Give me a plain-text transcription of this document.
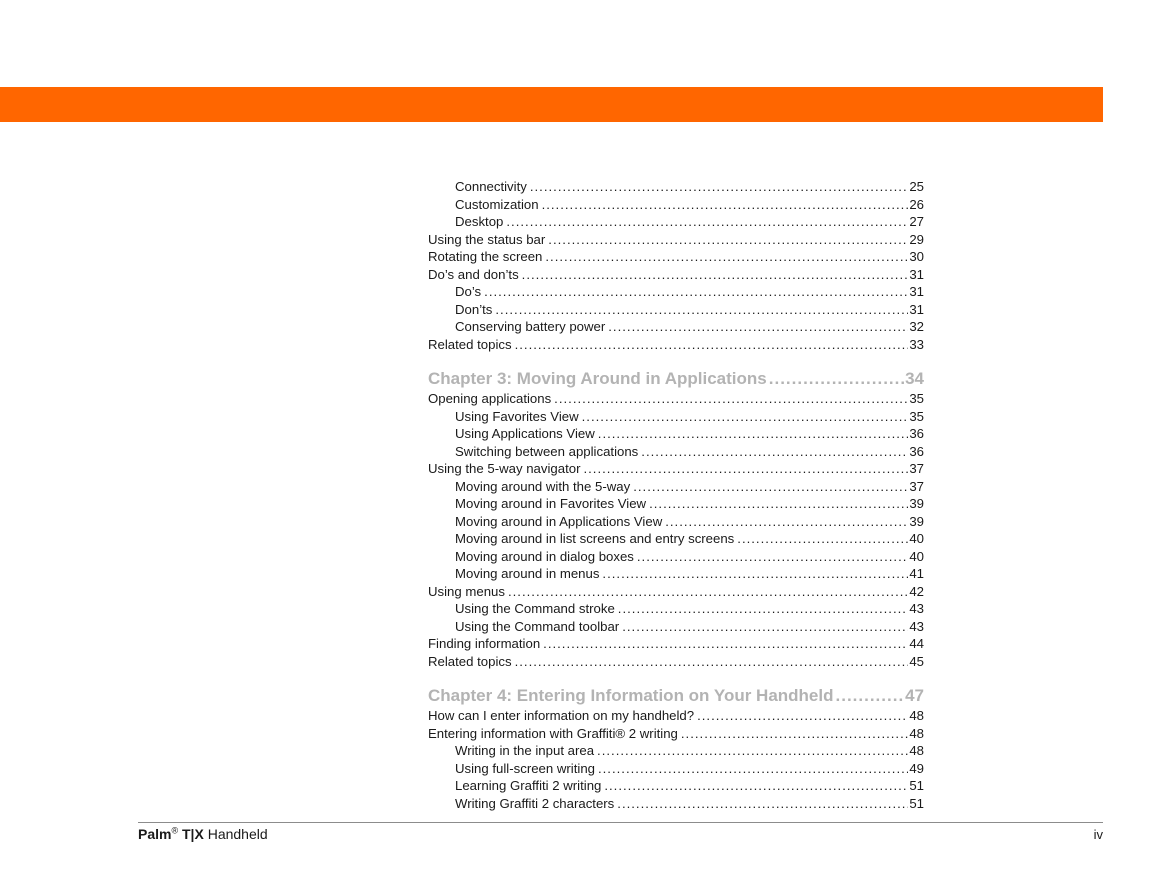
Connectivity .....	25
Customization .....	26
Desktop .....	27
Using the status bar .....	29
Rotating the screen .....	30
Do’s and don’ts .....	31
Do’s .....	31
Don’ts .....	31
Conserving battery power .....	32
Related topics .....	33
Chapter 3: Moving Around in Applications .....	34
Opening applications .....	35
Using Favorites View .....	35
Using Applications View .....	36
Switching between applications .....	36
Using the 5-way navigator .....	37
Moving around with the 5-way .....	37
Moving around in Favorites View .....	39
Moving around in Applications View .....	39
Moving around in list screens and entry screens .....	40
Moving around in dialog boxes .....	40
Moving around in menus .....	41
Using menus .....	42
Using the Command stroke .....	43
Using the Command toolbar .....	43
Finding information .....	44
Related topics .....	45
Chapter 4: Entering Information on Your Handheld .....	47
How can I enter information on my handheld? .....	48
Entering information with Graffiti® 2 writing .....	48
Writing in the input area .....	48
Using full-screen writing .....	49
Learning Graffiti 2 writing .....	51
Writing Graffiti 2 characters .....	51
Palm® T|X Handheld	iv
